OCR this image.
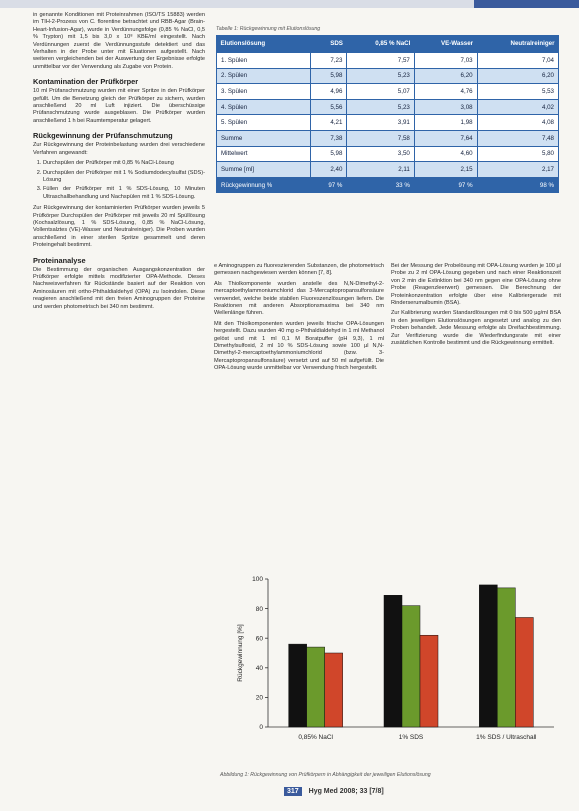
in genannte Konditionen mit Proteinrahmen (ISO/TS 15883) werden im TIH-2-Prozess von C. florentine betrachtet und RBB-Agar (Brain-Heart-Infusion-Agar), wurde in Verdünnungsfolge (0,85 % NaCl, 0,5 % Trypton) mit 1,5 bis 3,0 x 10⁸ KBE/ml eingestellt. Nach Verdünnungen zuerst die Verdünnungsstufe detektiert und das Verhalten in der Probe unter mit Eluationen aufgestellt. Nach weiteren vergleichenden bei der Auswertung der Ergebnisse erfolgte unmittelbar vor der Verwendung als Zugabe von Protein.

Kontamination der Prüfkörper

10 ml Prüfanschmutzung wurden mit einer Spritze in den Prüfkörper gefüllt. Um die Benetzung gleich der Prüfkörper zu sichern, wurden anschließend 20 ml Luft injiziert. Die überschüssige Prüfanschmutzung wurde ausgeblasen. Die Prüfkörper wurden anschließend 1 h bei Raumtemperatur gelagert.

Rückgewinnung der Prüfanschmutzung

Zur Rückgewinnung der Proteinbelastung wurden drei verschiedene Verfahren angewandt:

1. Durchspülen der Prüfkörper mit 0,85 % NaCl-Lösung
2. Durchspülen der Prüfkörper mit 1 % Sodiumdodecylsulfat (SDS)-Lösung
3. Füllen der Prüfkörper mit 1 % SDS-Lösung, 10 Minuten Ultraschallbehandlung und Nachspülen mit 1 % SDS-Lösung.

Zur Rückgewinnung der kontaminierten Prüfkörper wurden jeweils 5 Prüfkörper Durchspülen der Prüfkörper mit jeweils 20 ml Spüllösung (Kochsalzlösung, 1 % SDS-Lösung, 0,85 % NaCl-Lösung, Vollentsalztes (VE)-Wasser und Neutralreiniger). Die Proben wurden anschließend in einer sterilen Spritze gesammelt und deren Proteingehalt bestimmt.

Proteinanalyse

Die Bestimmung der organischen Ausgangskonzentration der Prüfkörper erfolgte mittels modifizierter OPA-Methode. Dieses Nachweisverfahren für Rückstände basiert auf der Reaktion von Aminosäuren mit ortho-Phthaldialdehyd (OPA) zu Isoindolen. Diese reagieren anschließend mit den freien Aminogruppen der Proteine und werden photometrisch bei 340 nm bestimmt.

Tabelle 1: Rückgewinnung mit Elutionslösung
Elutionslösung	SDS	0,85 % NaCl	VE-Wasser	Neutralreiniger
1. Spülen	7,23	7,57	7,03	7,04
2. Spülen	5,98	5,23	6,20	6,20
3. Spülen	4,96	5,07	4,76	5,53
4. Spülen	5,56	5,23	3,08	4,02
5. Spülen	4,21	3,91	1,98	4,08
Summe	7,38	7,58	7,64	7,48
Mittelwert	5,98	3,50	4,60	5,80
Summe [ml]	2,40	2,11	2,15	2,17
Rückgewinnung %	97 %	33 %	97 %	98 %

e Aminogruppen zu fluoreszierenden Substanzen, die photometrisch gemessen nachgewiesen werden können [7, 8].

Als Thiolkomponente wurden anstelle des N,N-Dimethyl-2-mercaptoethylammoniumchlorid das 3-Mercaptopropansulfonsäure verwendet, welche beide stabilen Fluoreszenzlösungen liefern. Die Reaktionen mit anderen Absorptionsmaxima bei 340 nm Wellenlänge führen.

Mit den Thiolkomponenten wurden jeweils frische OPA-Lösungen hergestellt. Dazu wurden 40 mg o-Phthaldialdehyd in 1 ml Methanol gelöst und mit 1 ml 0,1 M Boratpuffer (pH 9,3), 1 ml Dimethylsulfoxid, 2 ml 10 % SDS-Lösung sowie 100 µl N,N-Dimethyl-2-mercaptoethylammoniumchlorid (bzw. 3-Mercaptopropansulfonsäure) versetzt und auf 50 ml aufgefüllt. Die OPA-Lösung wurde unmittelbar vor Verwendung frisch hergestellt.

Bei der Messung der Probelösung mit OPA-Lösung wurden je 100 µl Probe zu 2 ml OPA-Lösung gegeben und nach einer Reaktionszeit von 2 min die Extinktion bei 340 nm gegen eine OPA-Lösung ohne Probe (Reagenzleerwert) gemessen. Die Berechnung der Proteinkonzentration erfolgte über eine Kalibriergerade mit Rinderserumalbumin (BSA).

Zur Kalibrierung wurden Standardlösungen mit 0 bis 500 µg/ml BSA in den jeweiligen Elutionslösungen angesetzt und analog zu den Proben behandelt. Jede Messung erfolgte als Dreifachbestimmung. Zur Verifizierung wurde die Wiederfindungsrate mit einer zusätzlichen Kontrolle bestimmt und die Rückgewinnung ermittelt.

0
20
40
60
80
100
Rückgewinnung [%]
0,85% NaCl	1% SDS	1% SDS / Ultraschall
Abbildung 1: Rückgewinnung von Prüfkörpern in Abhängigkeit der jeweiligen Elutionslösung
317 Hyg Med 2008; 33 [7/8]
